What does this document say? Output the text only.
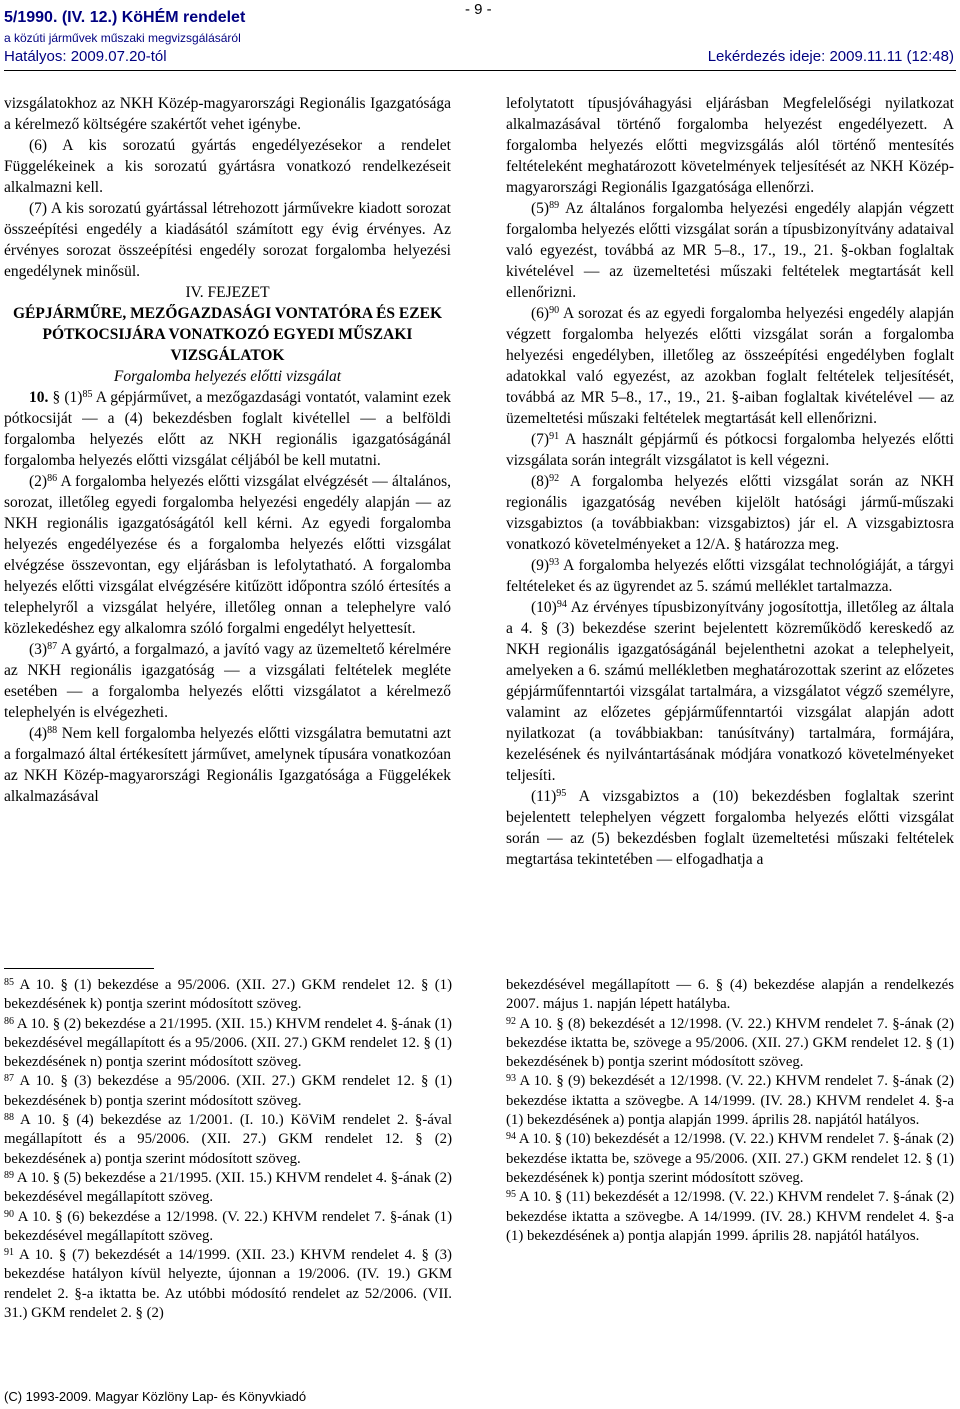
5/1990. (IV. 12.) KöHÉM rendelet
a közúti járművek műszaki megvizsgálásáról
Hatályos: 2009.07.20-tól
- 9 -
Lekérdezés ideje: 2009.11.11 (12:48)

vizsgálatokhoz az NKH Közép-magyarországi Regionális Igazgatósága a kérelmező költségére szakértőt vehet igénybe.

(6) A kis sorozatú gyártás engedélyezésekor a rendelet Függelékeinek a kis sorozatú gyártásra vonatkozó rendelkezéseit alkalmazni kell.

(7) A kis sorozatú gyártással létrehozott járművekre kiadott sorozat összeépítési engedély a kiadásától számított egy évig érvényes. Az érvényes sorozat összeépítési engedély sorozat forgalomba helyezési engedélynek minősül.

IV. FEJEZET

GÉPJÁRMŰRE, MEZŐGAZDASÁGI VONTATÓRA ÉS EZEK PÓTKOCSIJÁRA VONATKOZÓ EGYEDI MŰSZAKI VIZSGÁLATOK

Forgalomba helyezés előtti vizsgálat

10. § $(1)^{85}$ A gépjárművet, a mezőgazdasági vontatót, valamint ezek pótkocsiját — a (4) bekezdésben foglalt kivétellel — a belföldi forgalomba helyezés előtt az NKH regionális igazgatóságánál forgalomba helyezés előtti vizsgálat céljából be kell mutatni.

$(2)^{86}$ A forgalomba helyezés előtti vizsgálat elvégzését — általános, sorozat, illetőleg egyedi forgalomba helyezési engedély alapján — az NKH regionális igazgatóságától kell kérni. Az egyedi forgalomba helyezés engedélyezése és a forgalomba helyezés előtti vizsgálat elvégzése összevontan, egy eljárásban is lefolytatható. A forgalomba helyezés előtti vizsgálat elvégzésére kitűzött időpontra szóló értesítés a telephelyről a vizsgálat helyére, illetőleg onnan a telephelyre való közlekedéshez egy alkalomra szóló forgalmi engedélyt helyettesít.

$(3)^{87}$ A gyártó, a forgalmazó, a javító vagy az üzemeltető kérelmére az NKH regionális igazgatóság — a vizsgálati feltételek megléte esetében — a forgalomba helyezés előtti vizsgálatot a kérelmező telephelyén is elvégezheti.

$(4)^{88}$ Nem kell forgalomba helyezés előtti vizsgálatra bemutatni azt a forgalmazó által értékesített járművet, amelynek típusára vonatkozóan az NKH Közép-magyarországi Regionális Igazgatósága a Függelékek alkalmazásával

lefolytatott típusjóváhagyási eljárásban Megfelelőségi nyilatkozat alkalmazásával történő forgalomba helyezést engedélyezett. A forgalomba helyezés előtti megvizsgálás alól történő mentesítés feltételeként meghatározott követelmények teljesítését az NKH Közép-magyarországi Regionális Igazgatósága ellenőrzi.

$(5)^{89}$ Az általános forgalomba helyezési engedély alapján végzett forgalomba helyezés előtti vizsgálat során a típusbizonyítvány adataival való egyezést, továbbá az MR 5–8., 17., 19., 21. §-okban foglaltak kivételével — az üzemeltetési műszaki feltételek megtartását kell ellenőrizni.

$(6)^{90}$ A sorozat és az egyedi forgalomba helyezési engedély alapján végzett forgalomba helyezés előtti vizsgálat során a forgalomba helyezési engedélyben, illetőleg az összeépítési engedélyben foglalt adatokkal való egyezést, az azokban foglalt feltételek teljesítését, továbbá az MR 5–8., 17., 19., 21. §-aiban foglaltak kivételével — az üzemeltetési műszaki feltételek megtartását kell ellenőrizni.

$(7)^{91}$ A használt gépjármű és pótkocsi forgalomba helyezés előtti vizsgálata során integrált vizsgálatot is kell végezni.

$(8)^{92}$ A forgalomba helyezés előtti vizsgálat során az NKH regionális igazgatóság nevében kijelölt hatósági jármű-műszaki vizsgabiztos (a továbbiakban: vizsgabiztos) jár el. A vizsgabiztosra vonatkozó követelményeket a 12/A. § határozza meg.

$(9)^{93}$ A forgalomba helyezés előtti vizsgálat technológiáját, a tárgyi feltételeket és az ügyrendet az 5. számú melléklet tartalmazza.

$(10)^{94}$ Az érvényes típusbizonyítvány jogosítottja, illetőleg az általa a 4. § (3) bekezdése szerint bejelentett közreműködő kereskedő az NKH regionális igazgatóságánál bejelenthetni azokat a telephelyeit, amelyeken a 6. számú mellékletben meghatározottak szerint az előzetes gépjárműfenntartói vizsgálat tartalmára, a vizsgálatot végző személyre, valamint az előzetes gépjárműfenntartói vizsgálat alapján adott nyilatkozat (a továbbiakban: tanúsítvány) tartalmára, formájára, kezelésének és nyilvántartásának módjára vonatkozó követelményeket teljesíti.

$(11)^{95}$ A vizsgabiztos a (10) bekezdésben foglaltak szerint bejelentett telephelyen végzett forgalomba helyezés előtti vizsgálat során — az (5) bekezdésben foglalt üzemeltetési műszaki feltételek megtartása tekintetében — elfogadhatja a

$^{85}$ A 10. § (1) bekezdése a 95/2006. (XII. 27.) GKM rendelet 12. § (1) bekezdésének k) pontja szerint módosított szöveg.

$^{86}$ A 10. § (2) bekezdése a 21/1995. (XII. 15.) KHVM rendelet 4. §-ának (1) bekezdésével megállapított és a 95/2006. (XII. 27.) GKM rendelet 12. § (1) bekezdésének n) pontja szerint módosított szöveg.

$^{87}$ A 10. § (3) bekezdése a 95/2006. (XII. 27.) GKM rendelet 12. § (1) bekezdésének b) pontja szerint módosított szöveg.

$^{88}$ A 10. § (4) bekezdése az 1/2001. (I. 10.) KöViM rendelet 2. §-ával megállapított és a 95/2006. (XII. 27.) GKM rendelet 12. § (2) bekezdésének a) pontja szerint módosított szöveg.

$^{89}$ A 10. § (5) bekezdése a 21/1995. (XII. 15.) KHVM rendelet 4. §-ának (2) bekezdésével megállapított szöveg.

$^{90}$ A 10. § (6) bekezdése a 12/1998. (V. 22.) KHVM rendelet 7. §-ának (1) bekezdésével megállapított szöveg.

$^{91}$ A 10. § (7) bekezdését a 14/1999. (XII. 23.) KHVM rendelet 4. § (3) bekezdése hatályon kívül helyezte, újonnan a 19/2006. (IV. 19.) GKM rendelet 2. §-a iktatta be. Az utóbbi módosító rendelet az 52/2006. (VII. 31.) GKM rendelet 2. § (2)

bekezdésével megállapított — 6. § (4) bekezdése alapján a rendelkezés 2007. május 1. napján lépett hatályba.

$^{92}$ A 10. § (8) bekezdését a 12/1998. (V. 22.) KHVM rendelet 7. §-ának (2) bekezdése iktatta be, szövege a 95/2006. (XII. 27.) GKM rendelet 12. § (1) bekezdésének b) pontja szerint módosított szöveg.

$^{93}$ A 10. § (9) bekezdését a 12/1998. (V. 22.) KHVM rendelet 7. §-ának (2) bekezdése iktatta a szövegbe. A 14/1999. (IV. 28.) KHVM rendelet 4. §-a (1) bekezdésének a) pontja alapján 1999. április 28. napjától hatályos.

$^{94}$ A 10. § (10) bekezdését a 12/1998. (V. 22.) KHVM rendelet 7. §-ának (2) bekezdése iktatta be, szövege a 95/2006. (XII. 27.) GKM rendelet 12. § (1) bekezdésének k) pontja szerint módosított szöveg.

$^{95}$ A 10. § (11) bekezdését a 12/1998. (V. 22.) KHVM rendelet 7. §-ának (2) bekezdése iktatta a szövegbe. A 14/1999. (IV. 28.) KHVM rendelet 4. §-a (1) bekezdésének a) pontja alapján 1999. április 28. napjától hatályos.

(C) 1993-2009. Magyar Közlöny Lap- és Könyvkiadó
